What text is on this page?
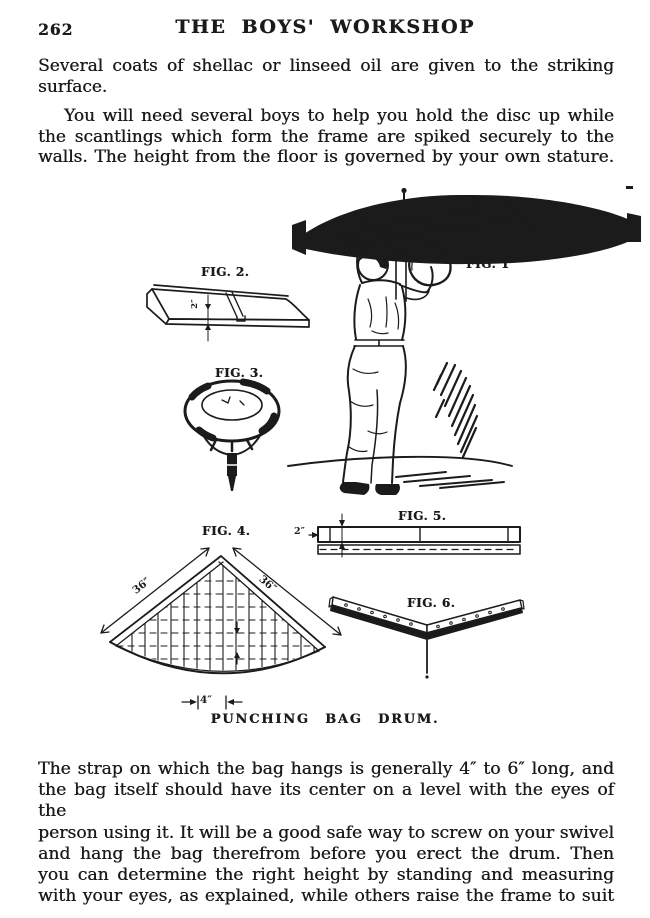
262	THE BOYS' WORKSHOP
Several coats of shellac or linseed oil are given to the striking
surface.
You will need several boys to help you hold the disc up while
the scantlings which form the frame are spiked securely to the
walls. The height from the floor is governed by your own stature.
FIG. 1
FIG. 2.
FIG. 3.
FIG. 4.
FIG. 5.
FIG. 6.
36″	36″
4″
2″
2″
PUNCHING BAG DRUM.
The strap on which the bag hangs is generally 4″ to 6″ long, and
the bag itself should have its center on a level with the eyes of the
person using it. It will be a good safe way to screw on your swivel
and hang the bag therefrom before you erect the drum. Then
you can determine the right height by standing and measuring
with your eyes, as explained, while others raise the frame to suit
